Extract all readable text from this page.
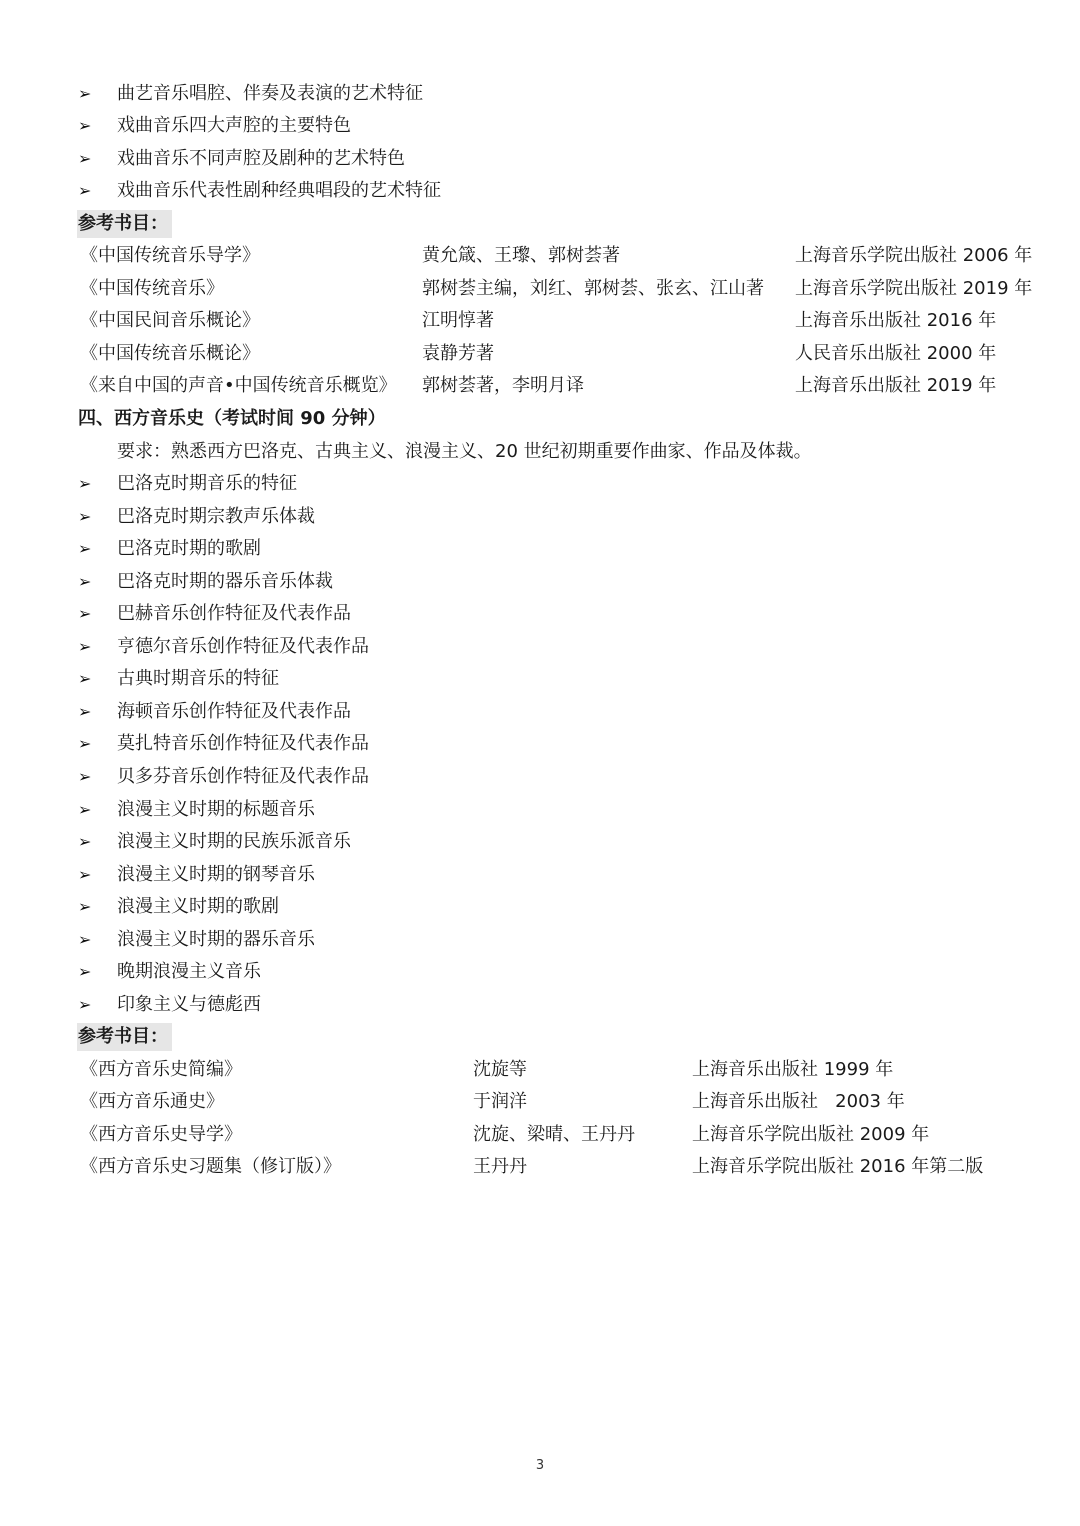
➢ 曲艺音乐唱腔、伴奏及表演的艺术特征
➢ 戏曲音乐四大声腔的主要特色
➢ 戏曲音乐不同声腔及剧种的艺术特色
➢ 戏曲音乐代表性剧种经典唱段的艺术特征
参考书目：
《中国传统音乐导学》	黄允箴、王瓈、郭树荟著	上海音乐学院出版社 2006 年
《中国传统音乐》	郭树荟主编，刘红、郭树荟、张玄、江山著 上海音乐学院出版社 2019 年
《中国民间音乐概论》	江明惇著	上海音乐出版社 2016 年
《中国传统音乐概论》	袁静芳著	人民音乐出版社 2000 年
《来自中国的声音•中国传统音乐概览》 郭树荟著，李明月译	上海音乐出版社 2019 年
四、西方音乐史（考试时间 90 分钟）
要求：熟悉西方巴洛克、古典主义、浪漫主义、20 世纪初期重要作曲家、作品及体裁。
➢ 巴洛克时期音乐的特征
➢ 巴洛克时期宗教声乐体裁
➢ 巴洛克时期的歌剧
➢ 巴洛克时期的器乐音乐体裁
➢ 巴赫音乐创作特征及代表作品
➢ 亨德尔音乐创作特征及代表作品
➢ 古典时期音乐的特征
➢ 海顿音乐创作特征及代表作品
➢ 莫扎特音乐创作特征及代表作品
➢ 贝多芬音乐创作特征及代表作品
➢ 浪漫主义时期的标题音乐
➢ 浪漫主义时期的民族乐派音乐
➢ 浪漫主义时期的钢琴音乐
➢ 浪漫主义时期的歌剧
➢ 浪漫主义时期的器乐音乐
➢ 晚期浪漫主义音乐
➢ 印象主义与德彪西
参考书目：
《西方音乐史简编》	沈旋等	上海音乐出版社 1999 年
《西方音乐通史》	于润洋	上海音乐出版社   2003 年
《西方音乐史导学》	沈旋、梁晴、王丹丹	上海音乐学院出版社 2009 年
《西方音乐史习题集（修订版）》	王丹丹	上海音乐学院出版社 2016 年第二版
3
